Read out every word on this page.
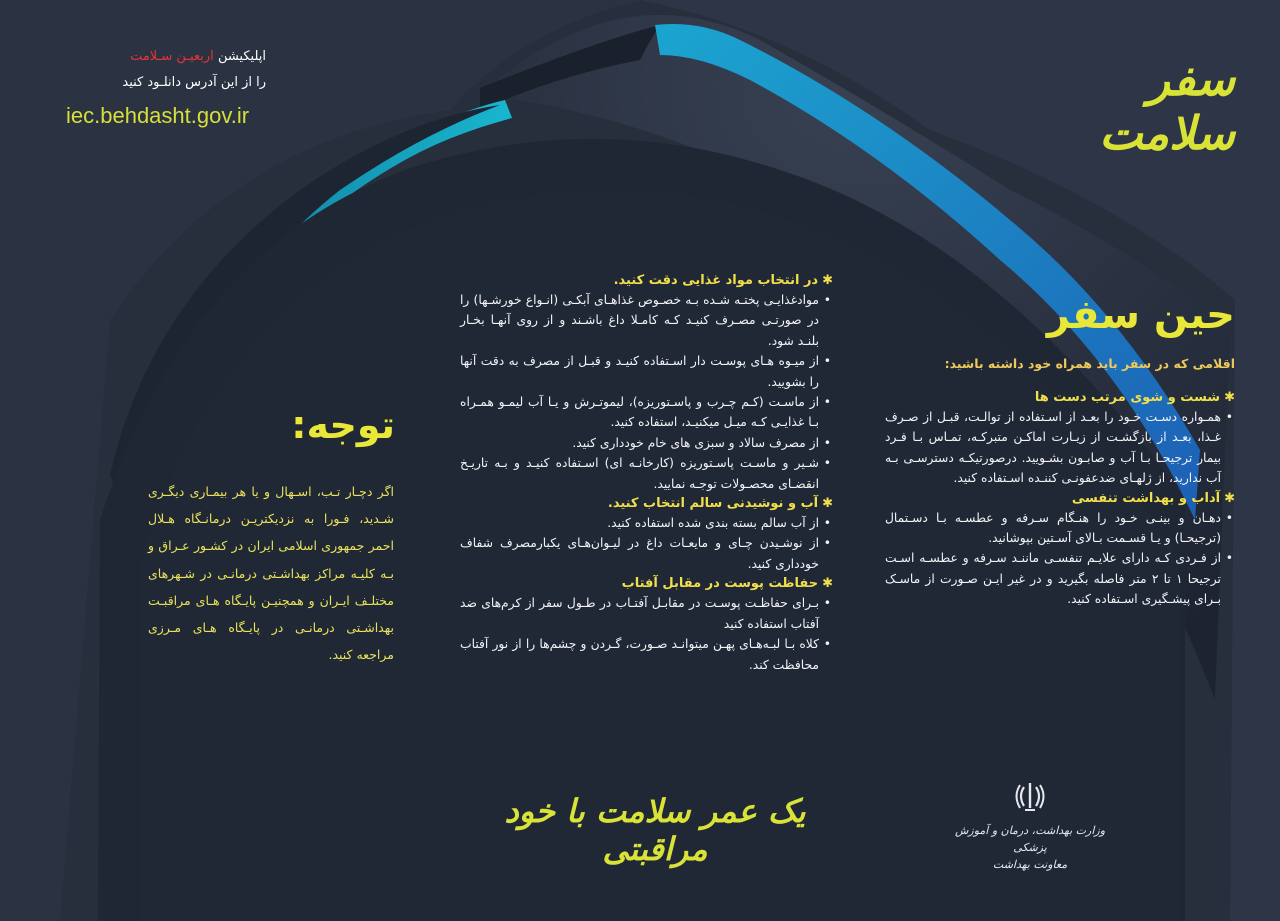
اپلیکیشن اربعیـن سـلامت
را از این آدرس دانلـود کنید
iec.behdasht.gov.ir
سفر سلامت
حین سفر
اقلامی که در سفر باید همراه خود داشته باشید:
✱شست و شوی مرتب دست ها
• همـواره دسـت خـود را بعـد از اسـتفاده از توالـت، قبـل از صـرف غـذا، بعـد از بازگشـت از زیـارت اماکـن متبرکـه، تمـاس بـا فـرد بیمار ترجیحـا بـا آب و صابـون بشـویید. درصورتیکـه دسترسـی بـه آب ندارید، از ژلهـای ضدعفونـی کننـده اسـتفاده کنید.
✱آداب و بهداشت تنفسی
• دهـان و بینـی خـود را هنـگام سـرفه و عطسـه بـا دسـتمال (ترجیحـا) و یـا قسـمت بـالای آسـتین بپوشانید.
• از فـردی کـه دارای علایـم تنفسـی ماننـد سـرفه و عطسـه اسـت ترجیحا ۱ تا ۲ متر فاصله بگیرید و در غیر ایـن صـورت از ماسـک بـرای پیشـگیری اسـتفاده کنید.
✱در انتخاب مواد غذایی دقت کنید.
• موادغذایـی پختـه شـده بـه خصـوص غذاهـای آبکـی (انـواع خورشـها) را در صورتـی مصـرف کنیـد کـه کامـلا داغ باشـند و از روی آنهـا بخـار بلنـد شود.
• از میـوه هـای پوسـت دار اسـتفاده کنیـد و قبـل از مصرف به دقت آنها را بشویید.
• از ماسـت (کـم چـرب و پاسـتوریزه)، لیموتـرش و یـا آب لیمـو همـراه بـا غذایـی کـه میـل میکنیـد، استفاده کنید.
• از مصرف سالاد و سبزی های خام خودداری کنید.
• شـیر و ماسـت پاسـتوریزه (کارخانـه ای) اسـتفاده کنیـد و بـه تاریـخ انقضـای محصـولات توجـه نمایید.
✱آب و نوشیدنی سالم انتخاب کنید.
• از آب سالم بسته بندی شده استفاده کنید.
• از نوشـیدن چـای و مایعـات داغ در لیـوان‌هـای یکبارمصرف شفاف خودداری کنید.
✱حفاظت پوست در مقابل آفتاب
• بـرای حفاظـت پوسـت در مقابـل آفتـاب در طـول سفر از کرم‌های ضد آفتاب استفاده کنید
• کلاه بـا لبـه‌هـای پهـن میتوانـد صـورت، گـردن و چشم‌ها را از نور آفتاب محافظت کند.
توجه:
اگر دچـار تـب، اسـهال و یا هر بیمـاری دیگـری شـدید، فـورا به نزدیکتریـن درمانـگاه هـلال احمر جمهوری اسلامی ایران در کشـور عـراق و بـه کلیـه مراکز بهداشـتی درمانـی در شـهرهای مختلـف ایـران و همچنیـن پایـگاه هـای مراقبـت بهداشـتی درمانـی در پایـگاه هـای مـرزی مراجعه کنید.
یک عمر سلامت با خود مراقبتی	وزارت بهداشت، درمان و آموزش پزشکی
معاونت بهداشت
